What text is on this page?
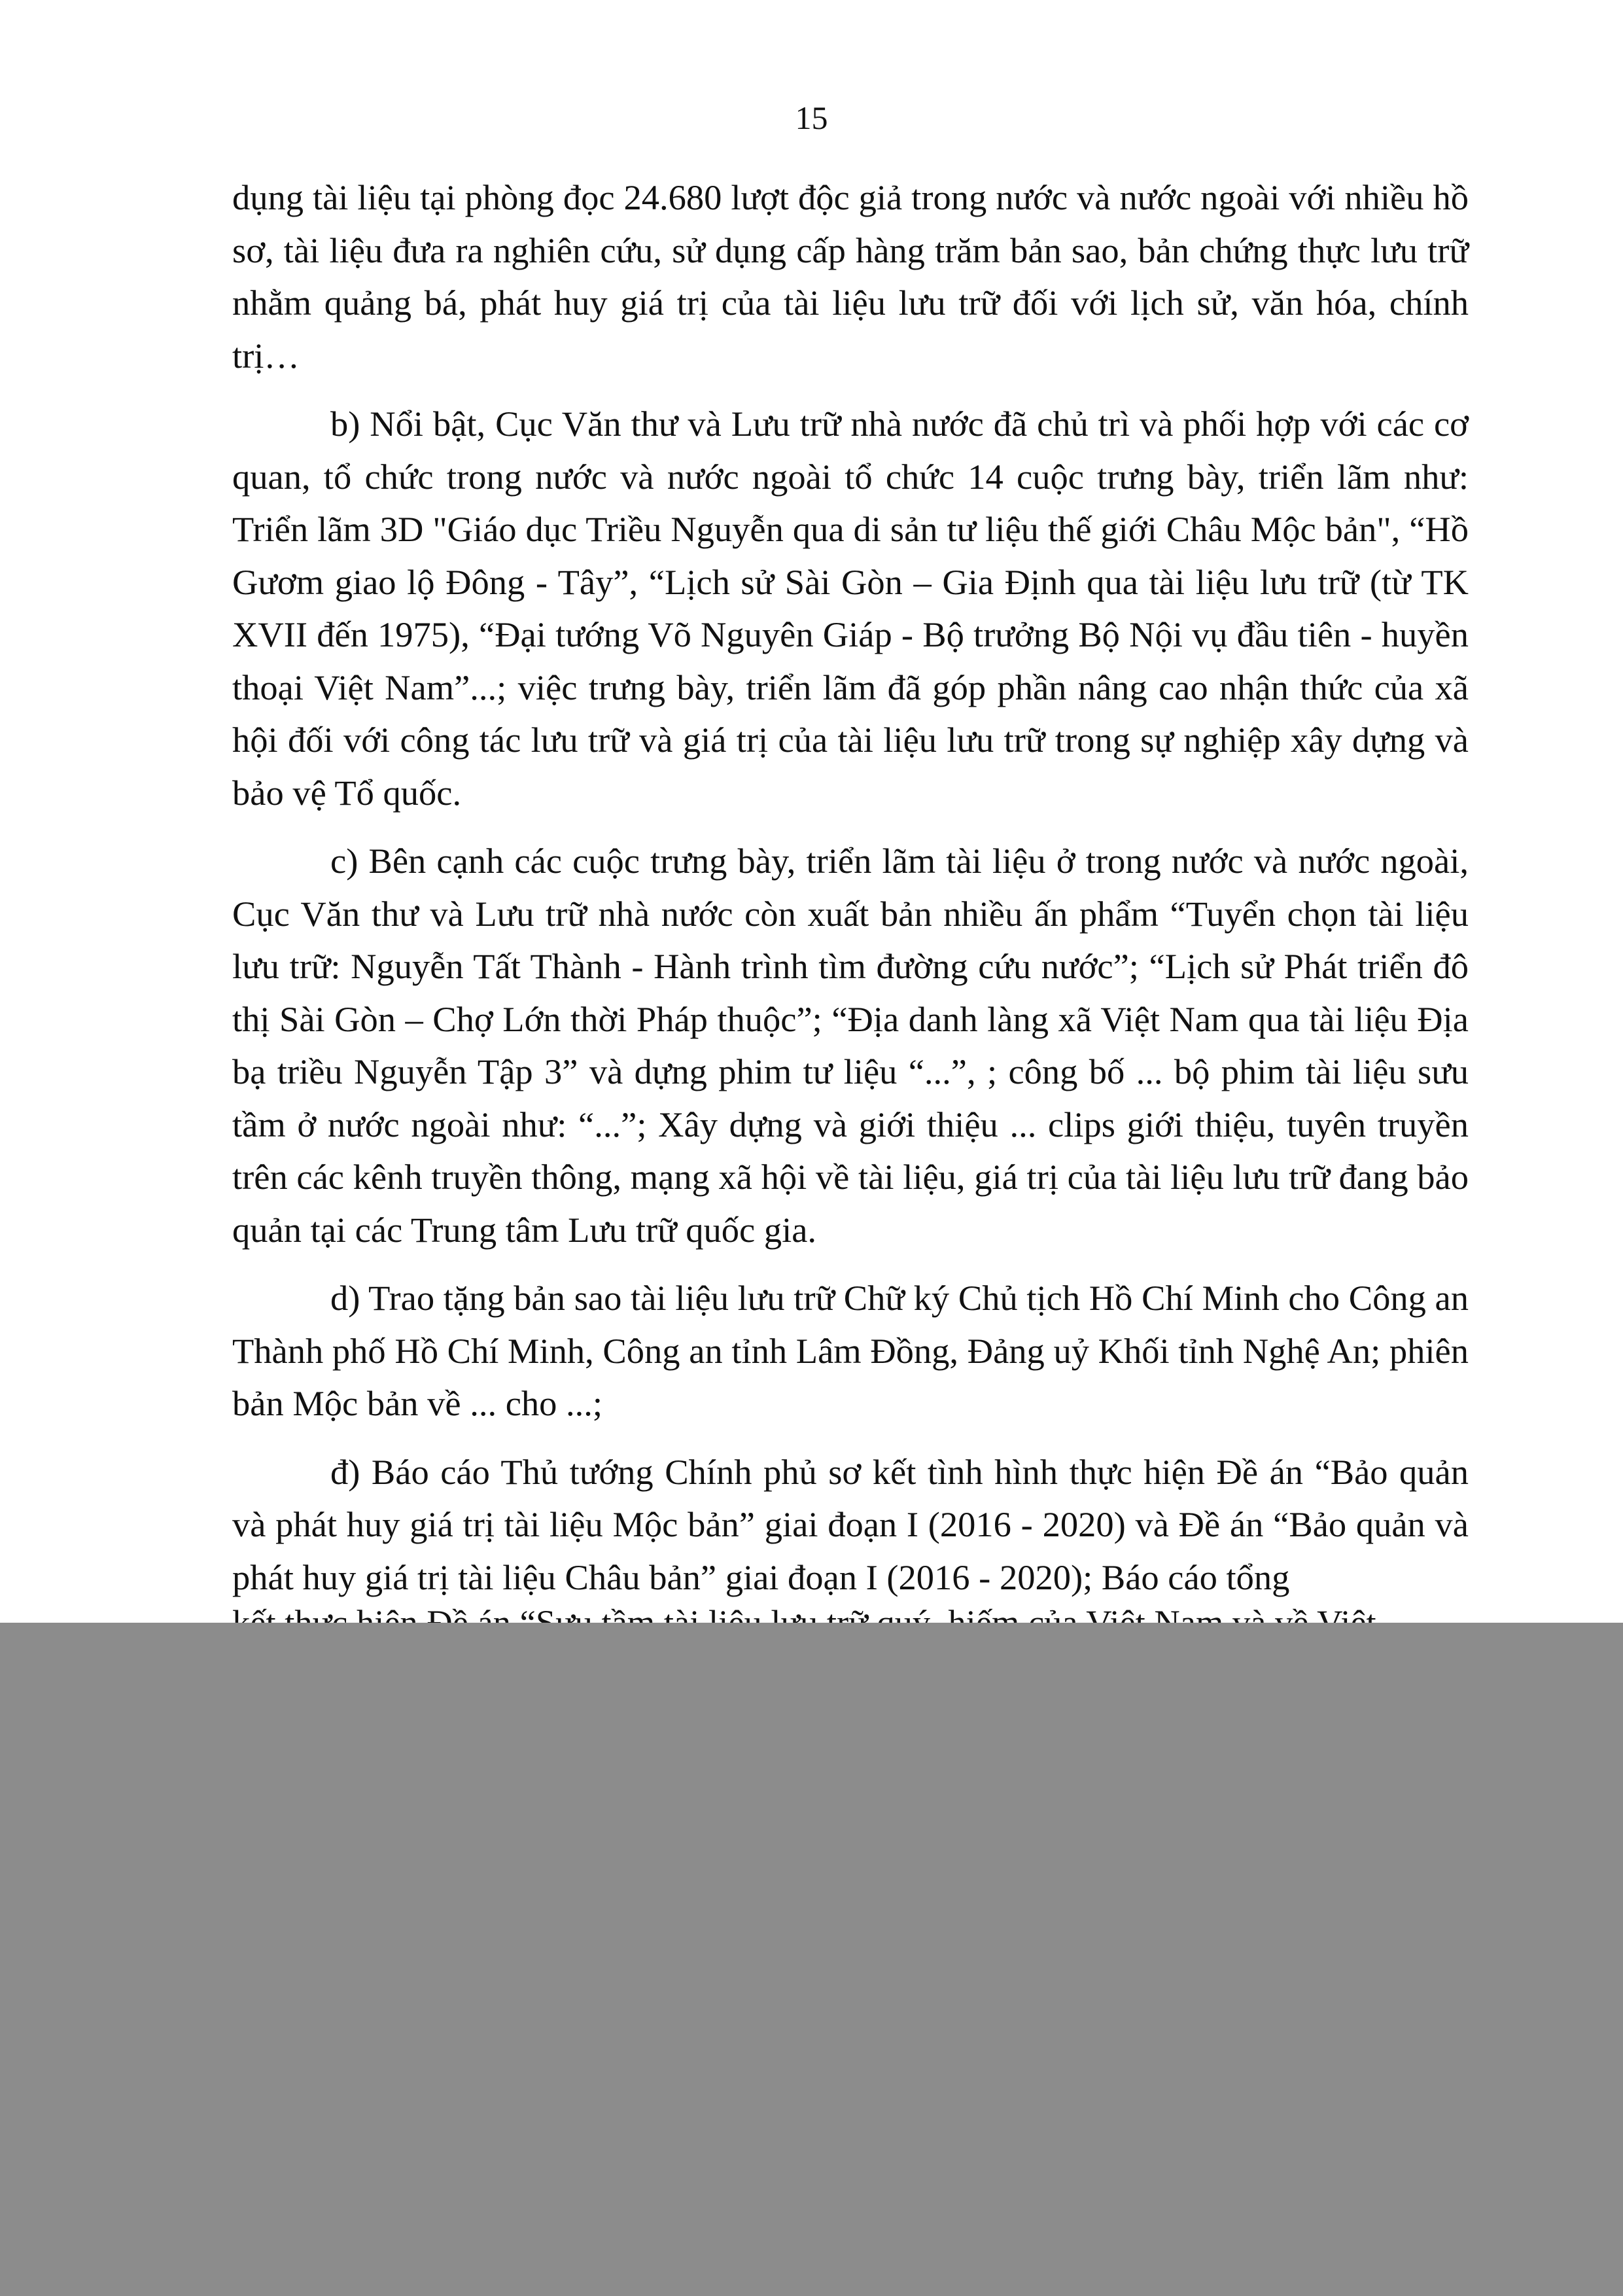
15

dụng tài liệu tại phòng đọc 24.680 lượt độc giả trong nước và nước ngoài với nhiều hồ sơ, tài liệu đưa ra nghiên cứu, sử dụng cấp hàng trăm bản sao, bản chứng thực lưu trữ nhằm quảng bá, phát huy giá trị của tài liệu lưu trữ đối với lịch sử, văn hóa, chính trị…

b) Nổi bật, Cục Văn thư và Lưu trữ nhà nước đã chủ trì và phối hợp với các cơ quan, tổ chức trong nước và nước ngoài tổ chức 14 cuộc trưng bày, triển lãm như: Triển lãm 3D "Giáo dục Triều Nguyễn qua di sản tư liệu thế giới Châu Mộc bản", “Hồ Gươm giao lộ Đông - Tây”, “Lịch sử Sài Gòn – Gia Định qua tài liệu lưu trữ (từ TK XVII đến 1975), “Đại tướng Võ Nguyên Giáp - Bộ trưởng Bộ Nội vụ đầu tiên - huyền thoại Việt Nam”...; việc trưng bày, triển lãm đã góp phần nâng cao nhận thức của xã hội đối với công tác lưu trữ và giá trị của tài liệu lưu trữ trong sự nghiệp xây dựng và bảo vệ Tổ quốc.

c) Bên cạnh các cuộc trưng bày, triển lãm tài liệu ở trong nước và nước ngoài, Cục Văn thư và Lưu trữ nhà nước còn xuất bản nhiều ấn phẩm “Tuyển chọn tài liệu lưu trữ: Nguyễn Tất Thành - Hành trình tìm đường cứu nước”; “Lịch sử Phát triển đô thị Sài Gòn – Chợ Lớn thời Pháp thuộc”; “Địa danh làng xã Việt Nam qua tài liệu Địa bạ triều Nguyễn Tập 3” và dựng phim tư liệu “...”, ; công bố ... bộ phim tài liệu sưu tầm ở nước ngoài như: “...”; Xây dựng và giới thiệu ... clips giới thiệu, tuyên truyền trên các kênh truyền thông, mạng xã hội về tài liệu, giá trị của tài liệu lưu trữ đang bảo quản tại các Trung tâm Lưu trữ quốc gia.

d) Trao tặng bản sao tài liệu lưu trữ Chữ ký Chủ tịch Hồ Chí Minh cho Công an Thành phố Hồ Chí Minh, Công an tỉnh Lâm Đồng, Đảng uỷ Khối tỉnh Nghệ An; phiên bản Mộc bản về ... cho ...;

đ) Báo cáo Thủ tướng Chính phủ sơ kết tình hình thực hiện Đề án “Bảo quản và phát huy giá trị tài liệu Mộc bản” giai đoạn I (2016 - 2020) và Đề án “Bảo quản và phát huy giá trị tài liệu Châu bản” giai đoạn I (2016 - 2020); Báo cáo tổng
